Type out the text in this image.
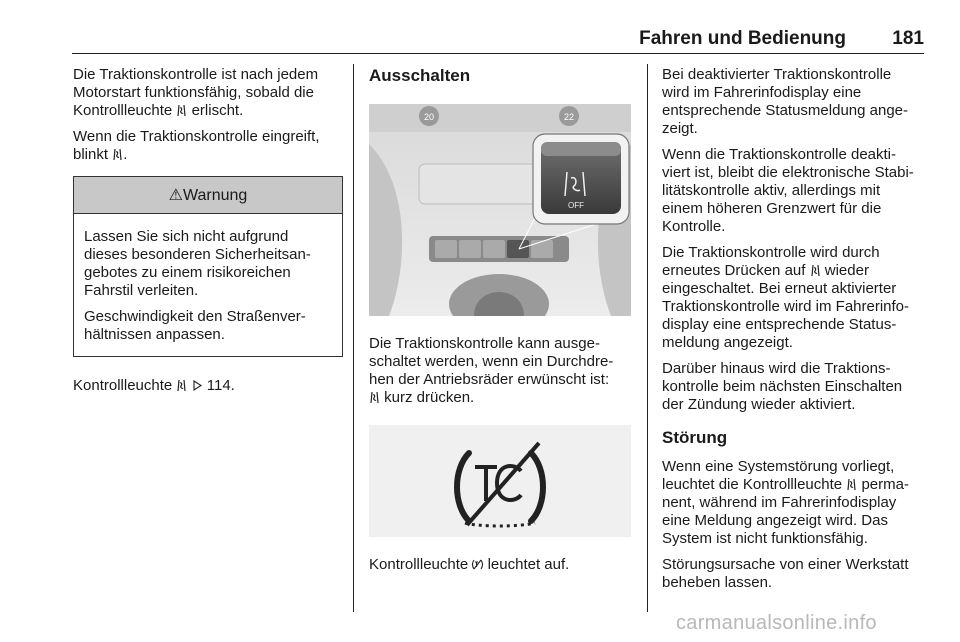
Fahren und Bedienung 181

Die Traktionskontrolle ist nach jedem
Motorstart funktionsfähig, sobald die
Kontrollleuchte erlischt.

Wenn die Traktionskontrolle eingreift,
blinkt .

⚠Warnung

Lassen Sie sich nicht aufgrund
dieses besonderen Sicherheitsan-
gebotes zu einem risikoreichen
Fahrstil verleiten.

Geschwindigkeit den Straßenver-
hältnissen anpassen.

Kontrollleuchte 114.

Ausschalten
20	22
OFF

Die Traktionskontrolle kann ausge-
schaltet werden, wenn ein Durchdre-
hen der Antriebsräder erwünscht ist:
kurz drücken.

Kontrollleuchte leuchtet auf.

Bei deaktivierter Traktionskontrolle
wird im Fahrerinfodisplay eine
entsprechende Statusmeldung ange-
zeigt.

Wenn die Traktionskontrolle deakti-
viert ist, bleibt die elektronische Stabi-
litätskontrolle aktiv, allerdings mit
einem höheren Grenzwert für die
Kontrolle.

Die Traktionskontrolle wird durch
erneutes Drücken auf wieder
eingeschaltet. Bei erneut aktivierter
Traktionskontrolle wird im Fahrerinfo-
display eine entsprechende Status-
meldung angezeigt.

Darüber hinaus wird die Traktions-
kontrolle beim nächsten Einschalten
der Zündung wieder aktiviert.

Störung

Wenn eine Systemstörung vorliegt,
leuchtet die Kontrollleuchte perma-
nent, während im Fahrerinfodisplay
eine Meldung angezeigt wird. Das
System ist nicht funktionsfähig.

Störungsursache von einer Werkstatt
beheben lassen.

carmanualsonline.info
